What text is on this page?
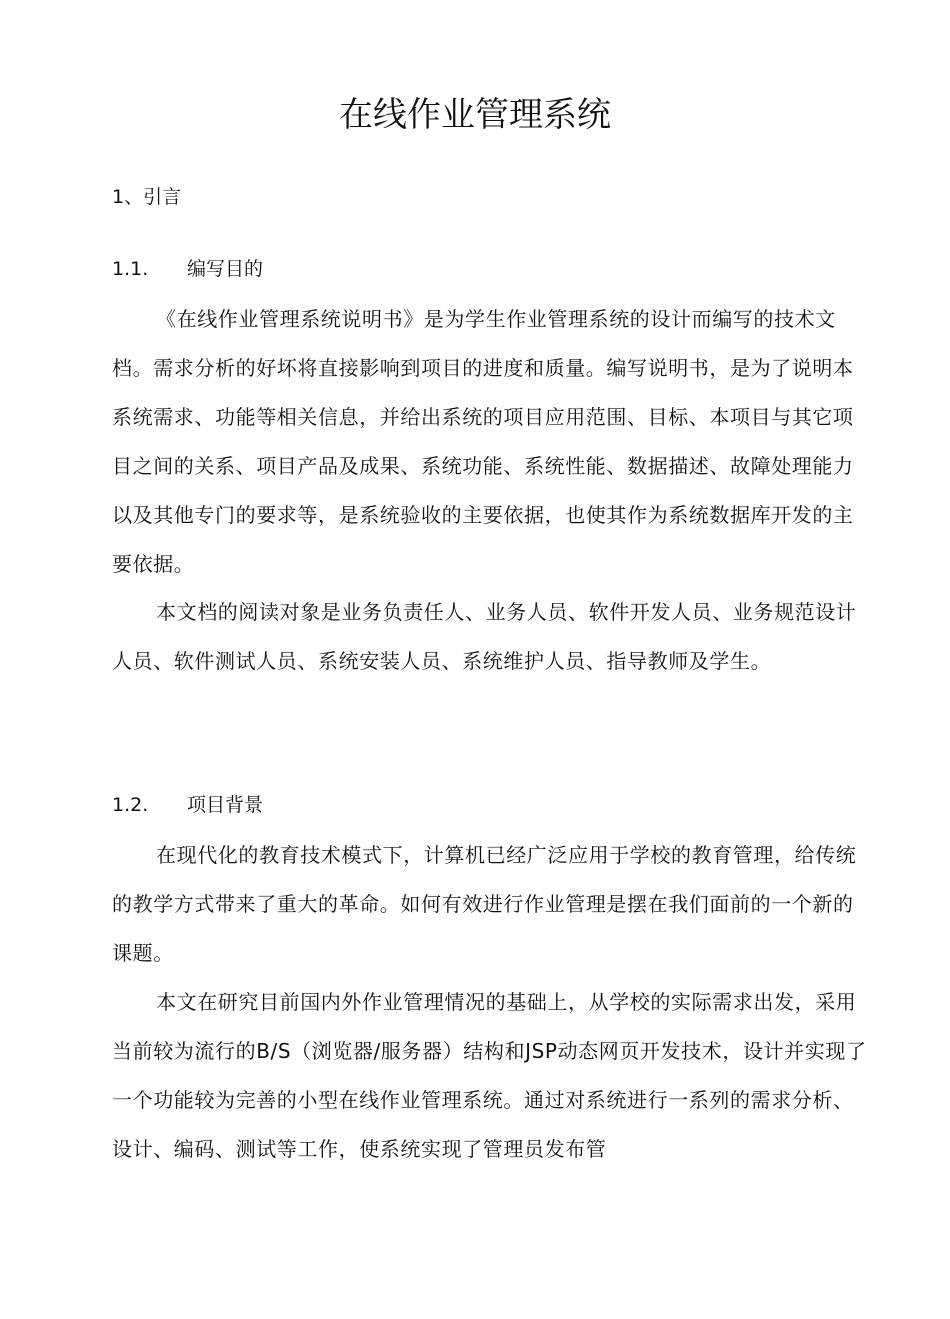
在线作业管理系统
1、引言
1.1. 编写目的

《在线作业管理系统说明书》是为学生作业管理系统的设计而编写的技术文档。需求分析的好坏将直接影响到项目的进度和质量。编写说明书，是为了说明本系统需求、功能等相关信息，并给出系统的项目应用范围、目标、本项目与其它项目之间的关系、项目产品及成果、系统功能、系统性能、数据描述、故障处理能力以及其他专门的要求等，是系统验收的主要依据，也使其作为系统数据库开发的主要依据。

本文档的阅读对象是业务负责任人、业务人员、软件开发人员、业务规范设计人员、软件测试人员、系统安装人员、系统维护人员、指导教师及学生。

1.2. 项目背景

在现代化的教育技术模式下，计算机已经广泛应用于学校的教育管理，给传统的教学方式带来了重大的革命。如何有效进行作业管理是摆在我们面前的一个新的课题。

本文在研究目前国内外作业管理情况的基础上，从学校的实际需求出发，采用当前较为流行的B/S（浏览器/服务器）结构和JSP动态网页开发技术，设计并实现了一个功能较为完善的小型在线作业管理系统。通过对系统进行一系列的需求分析、设计、编码、测试等工作，使系统实现了管理员发布管
